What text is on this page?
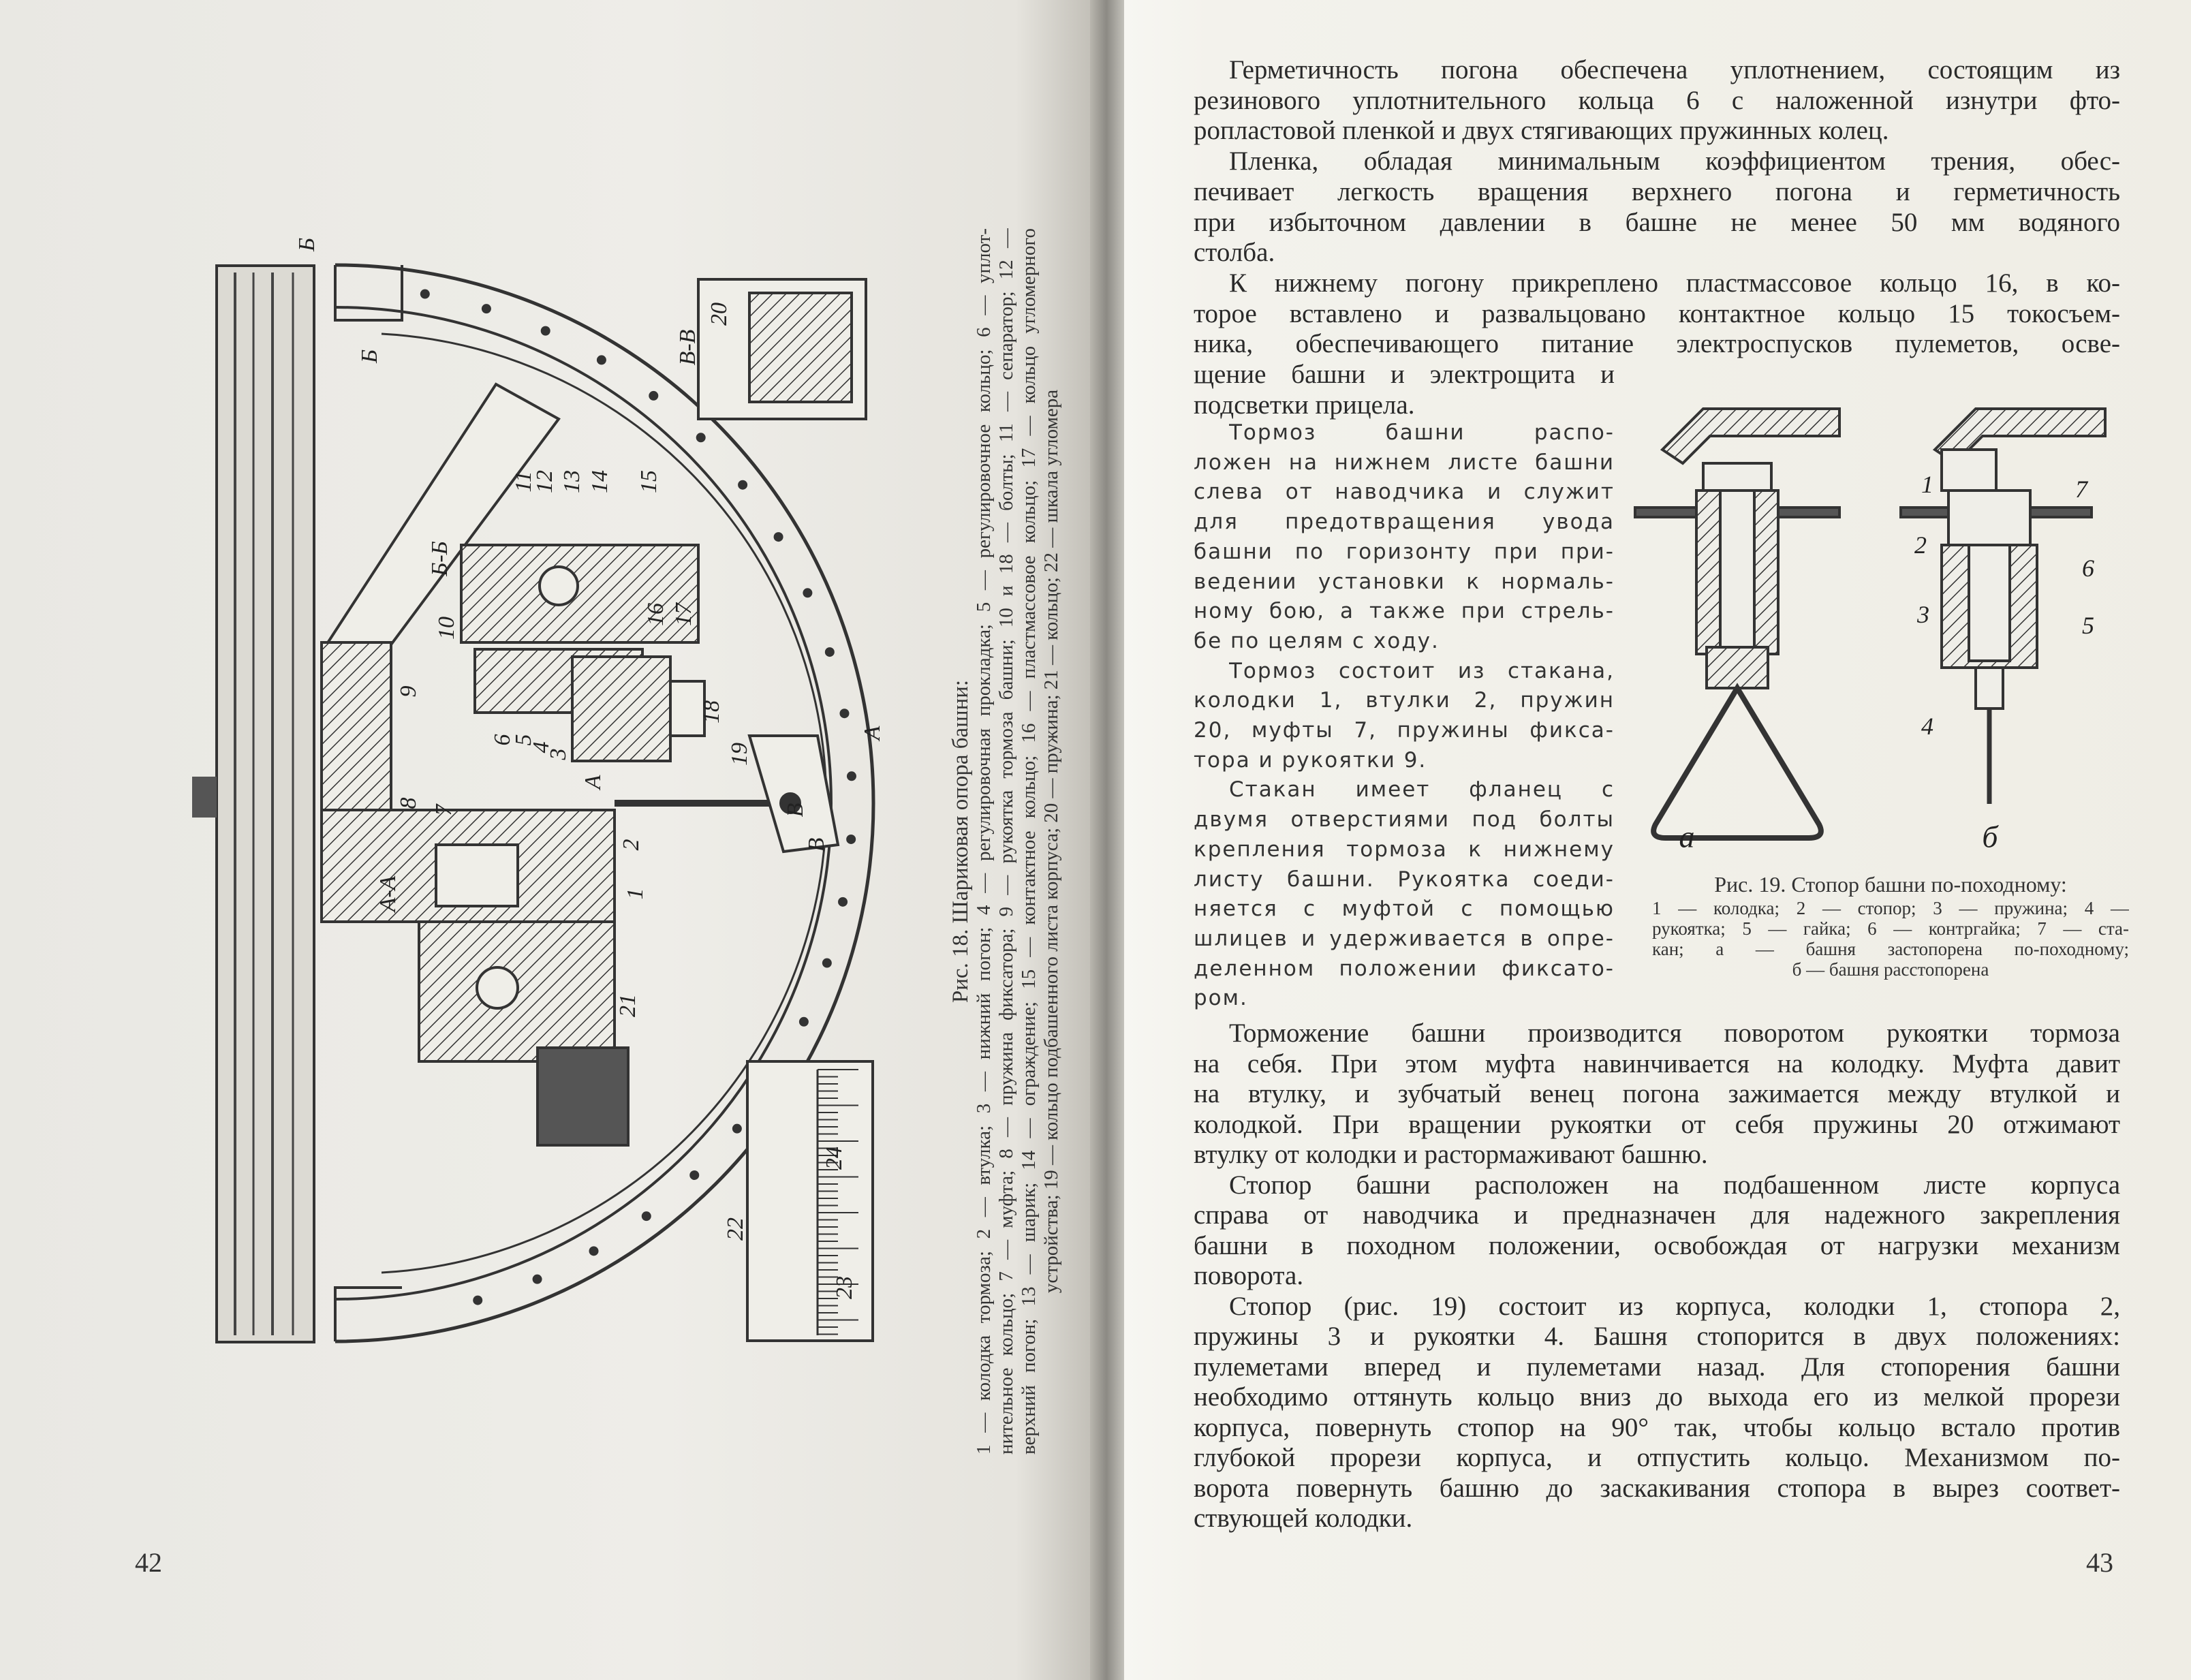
11
12 13 14 15
16 17
10
Б-Б
9
6
5
4
3
8
7
2
1
18
19
20
В-В
А-А
21
22
А
Б
Б
В
В
А
24
23
Рис. 18. Шариковая опора башни: 1 — колодка тормоза; 2 — втулка; 3 — нижний погон; 4 — регулировочная прокладка; 5 — регулировочное кольцо; 6 — уплот- нительное кольцо; 7 — муфта; 8 — пружина фиксатора; 9 — рукоятка тормоза башни; 10 и 18 — болты; 11 — сепаратор; 12 — верхний погон; 13 — шарик; 14 — ограждение; 15 — контактное кольцо; 16 — пластмассовое кольцо; 17 — кольцо угломерного устройства; 19 — кольцо подбашенного листа корпуса; 20 — пружина; 21 — кольцо; 22 — шкала угломера
42
Герметичность погона обеспечена уплотнением, состоящим из
резинового уплотнительного кольца 6 с наложенной изнутри фто-
ропластовой пленкой и двух стягивающих пружинных колец.
Пленка, обладая минимальным коэффициентом трения, обес-
печивает легкость вращения верхнего погона и герметичность
при избыточном давлении в башне не менее 50 мм водяного
столба.
К нижнему погону прикреплено пластмассовое кольцо 16, в ко-
торое вставлено и развальцовано контактное кольцо 15 токосъем-
ника, обеспечивающего питание электроспусков пулеметов, осве-
щение башни и электрощита и
подсветки прицела.
Тормоз башни распо-
ложен на нижнем листе башни
слева от наводчика и служит
для предотвращения увода
башни по горизонту при при-
ведении установки к нормаль-
ному бою, а также при стрель-
бе по целям с ходу.
Тормоз состоит из стакана,
колодки 1, втулки 2, пружин
20, муфты 7, пружины фикса-
тора и рукоятки 9.
Стакан имеет фланец с
двумя отверстиями под болты
крепления тормоза к нижнему
листу башни. Рукоятка соеди-
няется с муфтой с помощью
шлицев и удерживается в опре-
деленном положении фиксато-
ром.
Торможение башни производится поворотом рукоятки тормоза
на себя. При этом муфта навинчивается на колодку. Муфта давит
на втулку, и зубчатый венец погона зажимается между втулкой и
колодкой. При вращении рукоятки от себя пружины 20 отжимают
втулку от колодки и растормаживают башню.
Стопор башни расположен на подбашенном листе корпуса
справа от наводчика и предназначен для надежного закрепления
башни в походном положении, освобождая от нагрузки механизм
поворота.
Стопор (рис. 19) состоит из корпуса, колодки 1, стопора 2,
пружины 3 и рукоятки 4. Башня стопорится в двух положениях:
пулеметами вперед и пулеметами назад. Для стопорения башни
необходимо оттянуть кольцо вниз до выхода его из мелкой прорези
корпуса, повернуть стопор на 90° так, чтобы кольцо встало против
глубокой прорези корпуса, и отпустить кольцо. Механизмом по-
ворота повернуть башню до заскакивания стопора в вырез соответ-
ствующей колодки.
а	б
1	7
2
6
3	5
4
Рис. 19. Стопор башни по-походному:
1 — колодка; 2 — стопор; 3 — пружина; 4 —
рукоятка; 5 — гайка; 6 — контргайка; 7 — ста-
кан; а — башня застопорена по-походному;
б — башня расстопорена
43
